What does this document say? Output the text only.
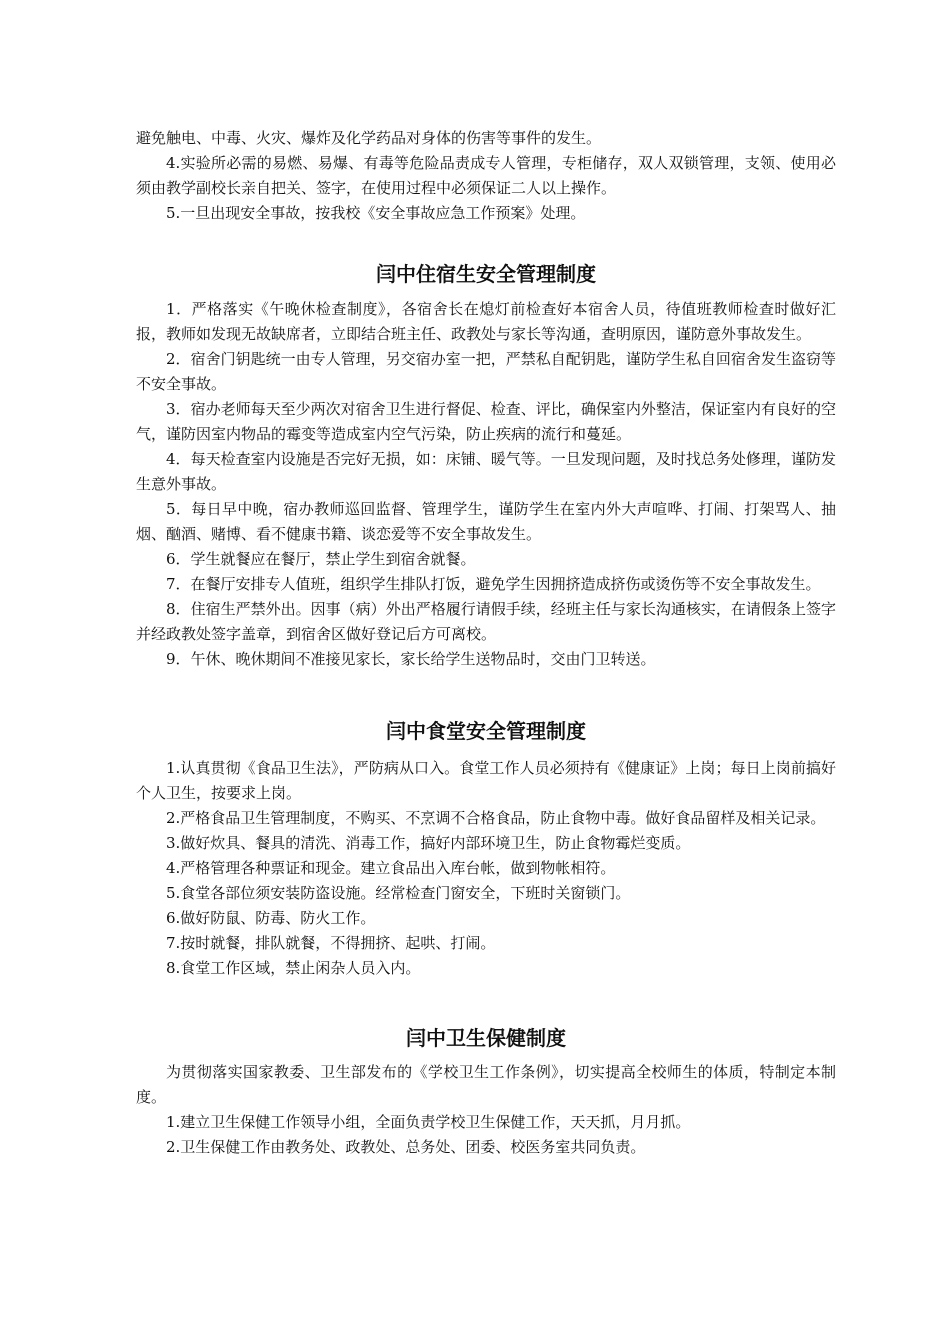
避免触电、中毒、火灾、爆炸及化学药品对身体的伤害等事件的发生。

4.实验所必需的易燃、易爆、有毒等危险品责成专人管理，专柜储存，双人双锁管理，支领、使用必须由教学副校长亲自把关、签字，在使用过程中必须保证二人以上操作。

5.一旦出现安全事故，按我校《安全事故应急工作预案》处理。

闫中住宿生安全管理制度

1．严格落实《午晚休检查制度》，各宿舍长在熄灯前检查好本宿舍人员，待值班教师检查时做好汇报，教师如发现无故缺席者，立即结合班主任、政教处与家长等沟通，查明原因，谨防意外事故发生。

2．宿舍门钥匙统一由专人管理，另交宿办室一把，严禁私自配钥匙，谨防学生私自回宿舍发生盗窃等不安全事故。

3．宿办老师每天至少两次对宿舍卫生进行督促、检查、评比，确保室内外整洁，保证室内有良好的空气，谨防因室内物品的霉变等造成室内空气污染，防止疾病的流行和蔓延。

4．每天检查室内设施是否完好无损，如：床铺、暖气等。一旦发现问题，及时找总务处修理，谨防发生意外事故。

5．每日早中晚，宿办教师巡回监督、管理学生，谨防学生在室内外大声喧哗、打闹、打架骂人、抽烟、酗酒、赌博、看不健康书籍、谈恋爱等不安全事故发生。

6．学生就餐应在餐厅，禁止学生到宿舍就餐。

7．在餐厅安排专人值班，组织学生排队打饭，避免学生因拥挤造成挤伤或烫伤等不安全事故发生。

8．住宿生严禁外出。因事（病）外出严格履行请假手续，经班主任与家长沟通核实，在请假条上签字并经政教处签字盖章，到宿舍区做好登记后方可离校。

9．午休、晚休期间不准接见家长，家长给学生送物品时，交由门卫转送。

闫中食堂安全管理制度

1.认真贯彻《食品卫生法》，严防病从口入。食堂工作人员必须持有《健康证》上岗；每日上岗前搞好个人卫生，按要求上岗。

2.严格食品卫生管理制度，不购买、不烹调不合格食品，防止食物中毒。做好食品留样及相关记录。

3.做好炊具、餐具的清洗、消毒工作，搞好内部环境卫生，防止食物霉烂变质。

4.严格管理各种票证和现金。建立食品出入库台帐，做到物帐相符。

5.食堂各部位须安装防盗设施。经常检查门窗安全，下班时关窗锁门。

6.做好防鼠、防毒、防火工作。

7.按时就餐，排队就餐，不得拥挤、起哄、打闹。

8.食堂工作区域，禁止闲杂人员入内。

闫中卫生保健制度

为贯彻落实国家教委、卫生部发布的《学校卫生工作条例》，切实提高全校师生的体质，特制定本制度。

1.建立卫生保健工作领导小组，全面负责学校卫生保健工作，天天抓，月月抓。

2.卫生保健工作由教务处、政教处、总务处、团委、校医务室共同负责。
